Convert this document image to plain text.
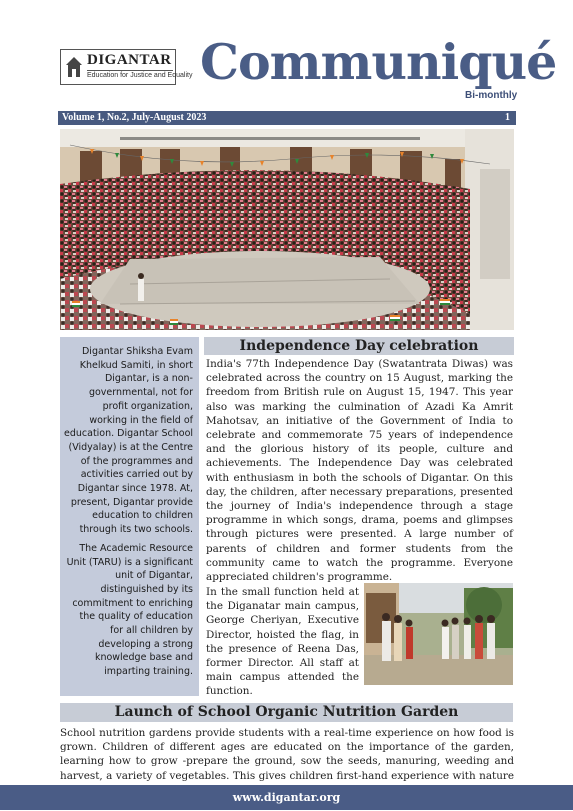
DIGANTAR
Education for Justice and Equality Communiqué
Bi-monthly
Volume 1, No.2, July-August 2023	1

Digantar Shiksha Evam Khelkud Samiti, in short Digantar, is a non-governmental, not for profit organization, working in the field of education. Digantar School (Vidyalay) is at the Centre of the programmes and activities carried out by Digantar since 1978. At, present, Digantar provide education to children through its two schools.

The Academic Resource Unit (TARU) is a significant unit of Digantar, distinguished by its commitment to enriching the quality of education for all children by developing a strong knowledge base and imparting training.

Independence Day celebration

India's 77th Independence Day (Swatantrata Diwas) was celebrated across the country on 15 August, marking the freedom from British rule on August 15, 1947. This year also was marking the culmination of Azadi Ka Amrit Mahotsav, an initiative of the Government of India to celebrate and commemorate 75 years of independence and the glorious history of its people, culture and achievements. The Independence Day was celebrated with enthusiasm in both the schools of Digantar. On this day, the children, after necessary preparations, presented the journey of India's independence through a stage programme in which songs, drama, poems and glimpses through pictures were presented. A large number of parents of children and former students from the community came to watch the programme. Everyone appreciated children's programme.

In the small function held at the Diganatar main campus, George Cheriyan, Executive Director, hoisted the flag, in the presence of Reena Das, former Director. All staff at main campus attended the function.

Launch of School Organic Nutrition Garden

School nutrition gardens provide students with a real-time experience on how food is grown. Children of different ages are educated on the importance of the garden, learning how to grow -prepare the ground, sow the seeds, manuring, weeding and harvest, a variety of vegetables. This gives children first-hand experience with nature

www.digantar.org
